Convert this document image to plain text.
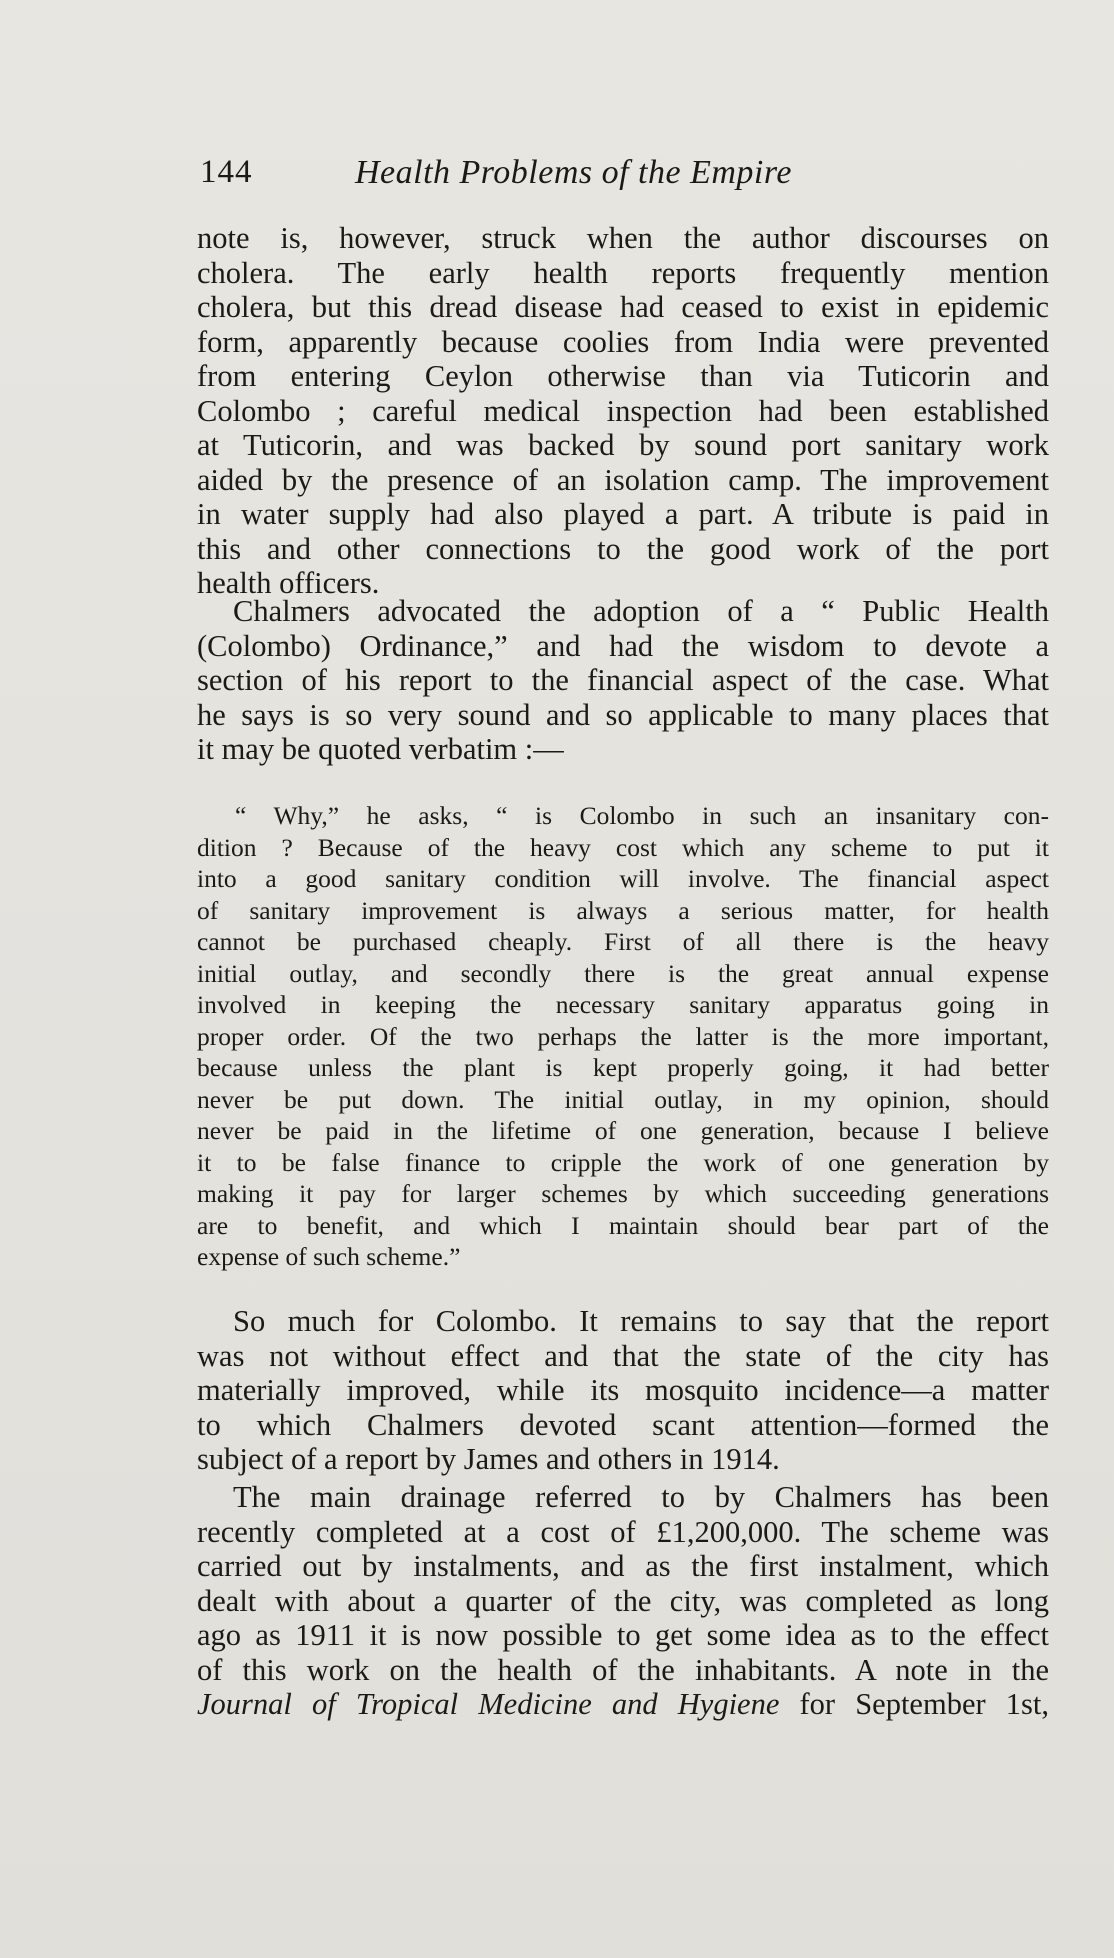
144	Health Problems of the Empire
note is, however, struck when the author discourses on
cholera. The early health reports frequently mention
cholera, but this dread disease had ceased to exist in epidemic
form, apparently because coolies from India were prevented
from entering Ceylon otherwise than via Tuticorin and
Colombo ; careful medical inspection had been established
at Tuticorin, and was backed by sound port sanitary work
aided by the presence of an isolation camp. The improvement
in water supply had also played a part. A tribute is paid in
this and other connections to the good work of the port
health officers.
Chalmers advocated the adoption of a “ Public Health
(Colombo) Ordinance,” and had the wisdom to devote a
section of his report to the financial aspect of the case. What
he says is so very sound and so applicable to many places that
it may be quoted verbatim :—
“ Why,” he asks, “ is Colombo in such an insanitary con-
dition ? Because of the heavy cost which any scheme to put it
into a good sanitary condition will involve. The financial aspect
of sanitary improvement is always a serious matter, for health
cannot be purchased cheaply. First of all there is the heavy
initial outlay, and secondly there is the great annual expense
involved in keeping the necessary sanitary apparatus going in
proper order. Of the two perhaps the latter is the more important,
because unless the plant is kept properly going, it had better
never be put down. The initial outlay, in my opinion, should
never be paid in the lifetime of one generation, because I believe
it to be false finance to cripple the work of one generation by
making it pay for larger schemes by which succeeding generations
are to benefit, and which I maintain should bear part of the
expense of such scheme.”
So much for Colombo. It remains to say that the report
was not without effect and that the state of the city has
materially improved, while its mosquito incidence—a matter
to which Chalmers devoted scant attention—formed the
subject of a report by James and others in 1914.
The main drainage referred to by Chalmers has been
recently completed at a cost of £1,200,000. The scheme was
carried out by instalments, and as the first instalment, which
dealt with about a quarter of the city, was completed as long
ago as 1911 it is now possible to get some idea as to the effect
of this work on the health of the inhabitants. A note in the
Journal of Tropical Medicine and Hygiene for September 1st,
